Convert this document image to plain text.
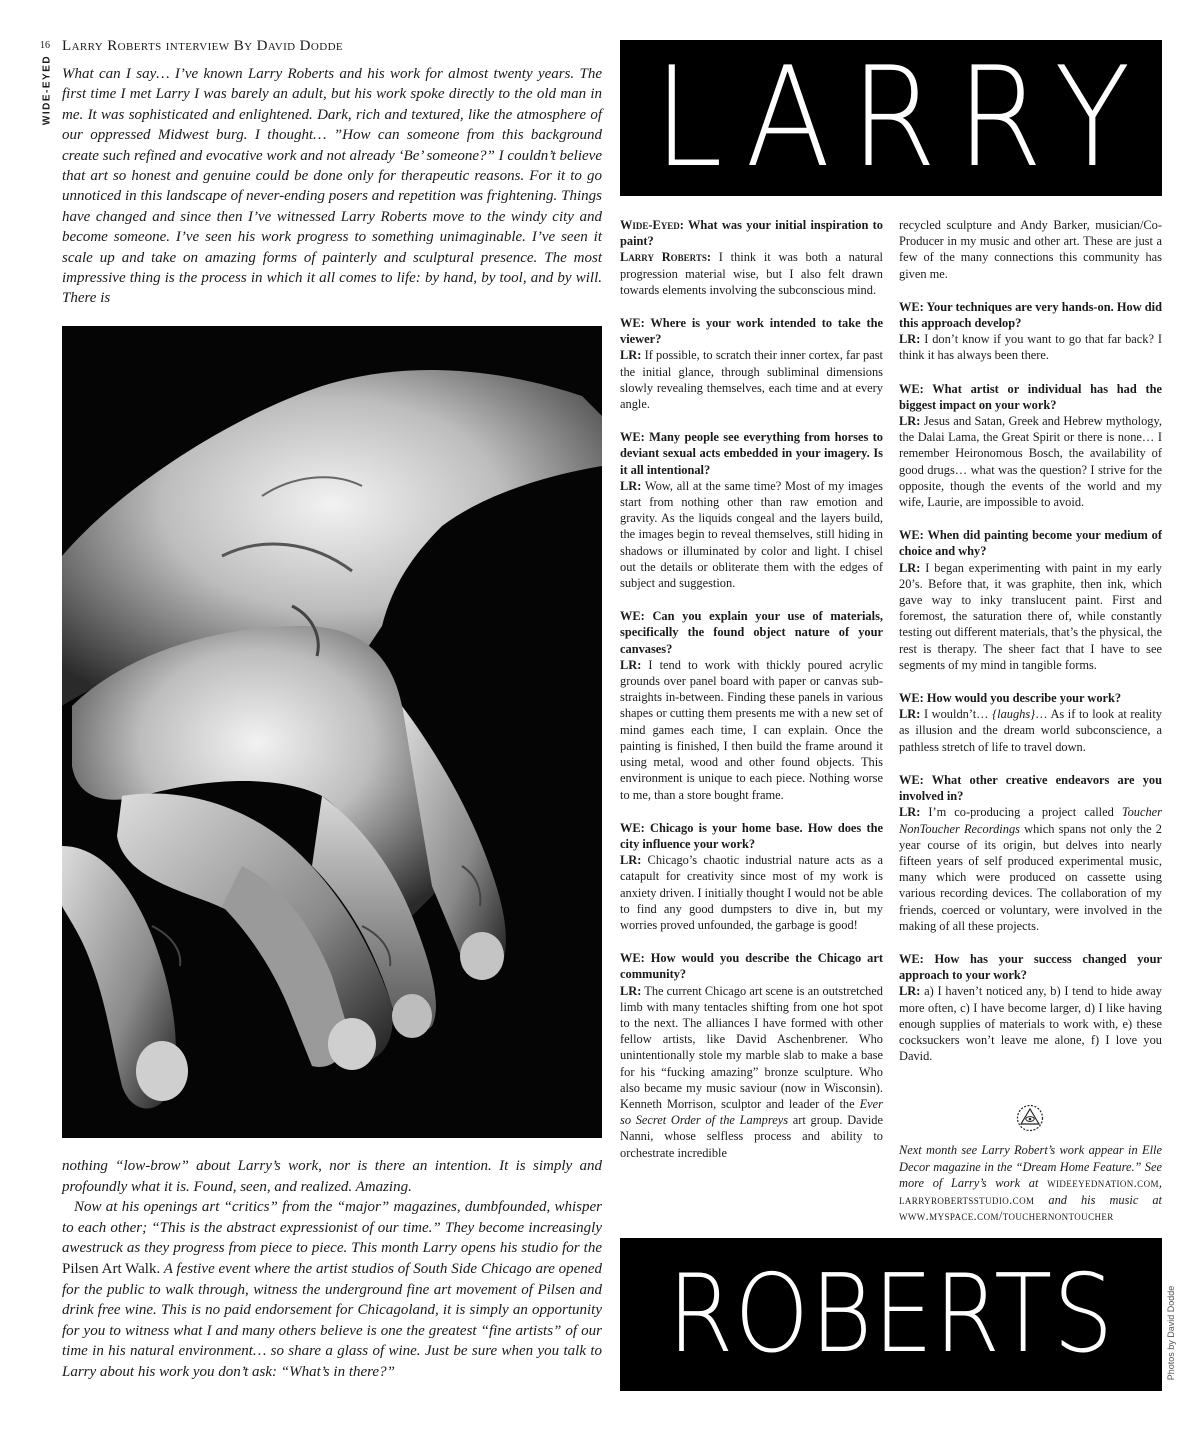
16
WIDE-EYED
Larry Roberts interview By David Dodde

What can I say… I’ve known Larry Roberts and his work for almost twenty years. The first time I met Larry I was barely an adult, but his work spoke directly to the old man in me. It was sophisticated and enlightened. Dark, rich and textured, like the atmosphere of our oppressed Midwest burg. I thought… ”How can someone from this background create such refined and evocative work and not already ‘Be’ someone?” I couldn’t believe that art so honest and genuine could be done only for therapeutic reasons. For it to go unnoticed in this landscape of never-ending posers and repetition was frightening. Things have changed and since then I’ve witnessed Larry Roberts move to the windy city and become someone. I’ve seen his work progress to something unimaginable. I’ve seen it scale up and take on amazing forms of painterly and sculptural presence. The most impressive thing is the process in which it all comes to life: by hand, by tool, and by will. There is

nothing “low-brow” about Larry’s work, nor is there an intention. It is simply and profoundly what it is. Found, seen, and realized. Amazing.

Now at his openings art “critics” from the “major” magazines, dumbfounded, whisper to each other; “This is the abstract expressionist of our time.” They become increasingly awestruck as they progress from piece to piece. This month Larry opens his studio for the Pilsen Art Walk. A festive event where the artist studios of South Side Chicago are opened for the public to walk through, witness the underground fine art movement of Pilsen and drink free wine. This is no paid endorsement for Chicagoland, it is simply an opportunity for you to witness what I and many others believe is one the greatest “fine artists” of our time in his natural environment… so share a glass of wine. Just be sure when you talk to Larry about his work you don’t ask: “What’s in there?”

LARRY

Wide-Eyed: What was your initial inspiration to paint?

Larry Roberts: I think it was both a natural progression material wise, but I also felt drawn towards elements involving the subconscious mind.

WE: Where is your work intended to take the viewer?

LR: If possible, to scratch their inner cortex, far past the initial glance, through subliminal dimensions slowly revealing themselves, each time and at every angle.

WE: Many people see everything from horses to deviant sexual acts embedded in your imagery. Is it all intentional?

LR: Wow, all at the same time? Most of my images start from nothing other than raw emotion and gravity. As the liquids congeal and the layers build, the images begin to reveal themselves, still hiding in shadows or illuminated by color and light. I chisel out the details or obliterate them with the edges of subject and suggestion.

WE: Can you explain your use of materials, specifically the found object nature of your canvases?

LR: I tend to work with thickly poured acrylic grounds over panel board with paper or canvas sub-straights in-between. Finding these panels in various shapes or cutting them presents me with a new set of mind games each time, I can explain. Once the painting is finished, I then build the frame around it using metal, wood and other found objects. This environment is unique to each piece. Nothing worse to me, than a store bought frame.

WE: Chicago is your home base. How does the city influence your work?

LR: Chicago’s chaotic industrial nature acts as a catapult for creativity since most of my work is anxiety driven. I initially thought I would not be able to find any good dumpsters to dive in, but my worries proved unfounded, the garbage is good!

WE: How would you describe the Chicago art community?

LR: The current Chicago art scene is an outstretched limb with many tentacles shifting from one hot spot to the next. The alliances I have formed with other fellow artists, like David Aschenbrener. Who unintentionally stole my marble slab to make a base for his “fucking amazing” bronze sculpture. Who also became my music saviour (now in Wisconsin). Kenneth Morrison, sculptor and leader of the Ever so Secret Order of the Lampreys art group. Davide Nanni, whose selfless process and ability to orchestrate incredible

recycled sculpture and Andy Barker, musician/Co- Producer in my music and other art. These are just a few of the many connections this community has given me.

WE: Your techniques are very hands-on. How did this approach develop?

LR: I don’t know if you want to go that far back? I think it has always been there.

WE: What artist or individual has had the biggest impact on your work?

LR: Jesus and Satan, Greek and Hebrew mythology, the Dalai Lama, the Great Spirit or there is none… I remember Heironomous Bosch, the availability of good drugs… what was the question? I strive for the opposite, though the events of the world and my wife, Laurie, are impossible to avoid.

WE: When did painting become your medium of choice and why?

LR: I began experimenting with paint in my early 20’s. Before that, it was graphite, then ink, which gave way to inky translucent paint. First and foremost, the saturation there of, while constantly testing out different materials, that’s the physical, the rest is therapy. The sheer fact that I have to see segments of my mind in tangible forms.

WE: How would you describe your work?

LR: I wouldn’t… {laughs}… As if to look at reality as illusion and the dream world subconscience, a pathless stretch of life to travel down.

WE: What other creative endeavors are you involved in?

LR: I’m co-producing a project called Toucher NonToucher Recordings which spans not only the 2 year course of its origin, but delves into nearly fifteen years of self produced experimental music, many which were produced on cassette using various recording devices. The collaboration of my friends, coerced or voluntary, were involved in the making of all these projects.

WE: How has your success changed your approach to your work?

LR: a) I haven’t noticed any, b) I tend to hide away more often, c) I have become larger, d) I like having enough supplies of materials to work with, e) these cocksuckers won’t leave me alone, f) I love you David.

Next month see Larry Robert’s work appear in Elle Decor magazine in the “Dream Home Feature.” See more of Larry’s work at wideeyednation.com, larryrobertsstudio.com and his music at www.myspace.com/touchernontoucher
ROBERTS	Photos by David Dodde
